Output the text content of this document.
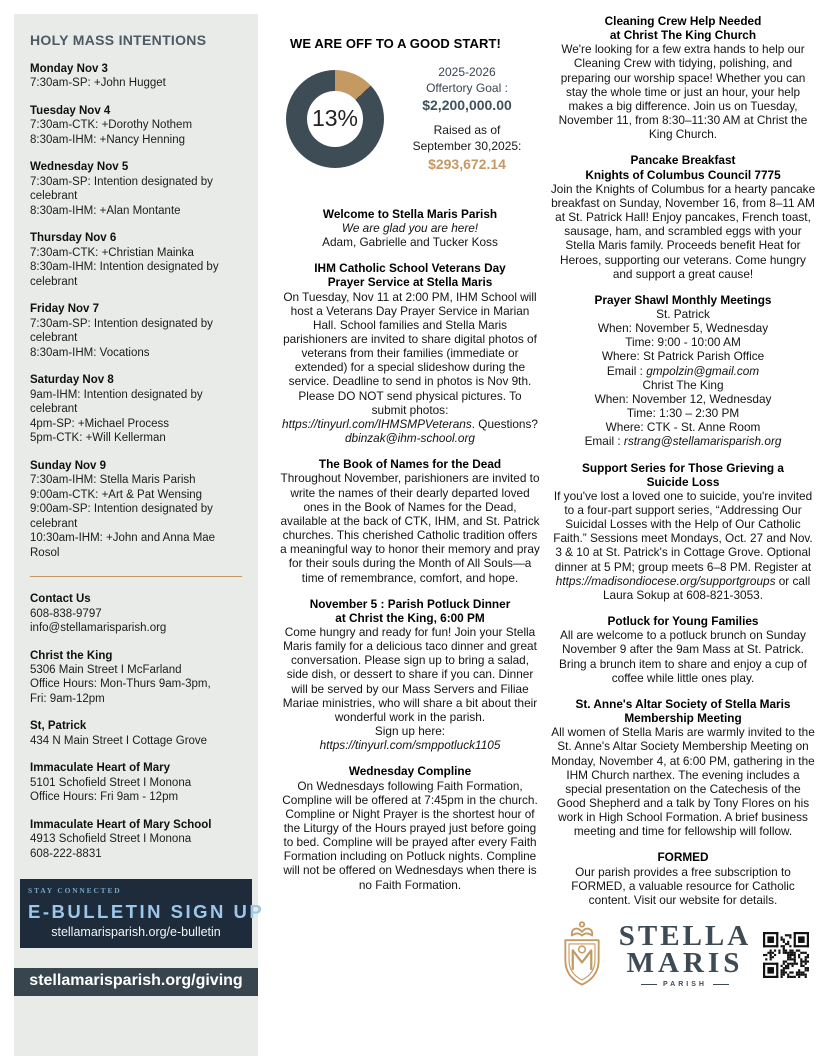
HOLY MASS INTENTIONS
Monday Nov 3
7:30am-SP: +John Hugget
Tuesday Nov 4
7:30am-CTK: +Dorothy Nothem
8:30am-IHM: +Nancy Henning
Wednesday Nov 5
7:30am-SP: Intention designated by celebrant
8:30am-IHM: +Alan Montante
Thursday Nov 6
7:30am-CTK: +Christian Mainka
8:30am-IHM: Intention designated by celebrant
Friday Nov 7
7:30am-SP: Intention designated by celebrant
8:30am-IHM: Vocations
Saturday Nov 8
9am-IHM: Intention designated by celebrant
4pm-SP: +Michael Process
5pm-CTK: +Will Kellerman
Sunday Nov 9
7:30am-IHM: Stella Maris Parish
9:00am-CTK: +Art & Pat Wensing
9:00am-SP: Intention designated by celebrant
10:30am-IHM: +John and Anna Mae Rosol
Contact Us
608-838-9797
info@stellamarisparish.org
Christ the King
5306 Main Street I McFarland
Office Hours: Mon-Thurs 9am-3pm,
Fri: 9am-12pm
St, Patrick
434 N Main Street I Cottage Grove
Immaculate Heart of Mary
5101 Schofield Street I Monona
Office Hours: Fri 9am - 12pm
Immaculate Heart of Mary School
4913 Schofield Street I Monona
608-222-8831
STAY CONNECTED
E-BULLETIN SIGN UP
stellamarisparish.org/e-bulletin
stellamarisparish.org/giving
WE ARE OFF TO A GOOD START!
13%
2025-2026
Offertory Goal :
$2,200,000.00
Raised as of
September 30,2025:
$293,672.14
Welcome to Stella Maris Parish
We are glad you are here!
Adam, Gabrielle and Tucker Koss
IHM Catholic School Veterans Day
Prayer Service at Stella Maris
On Tuesday, Nov 11 at 2:00 PM, IHM School will host a Veterans Day Prayer Service in Marian Hall. School families and Stella Maris parishioners are invited to share digital photos of veterans from their families (immediate or extended) for a special slideshow during the service. Deadline to send in photos is Nov 9th. Please DO NOT send physical pictures. To submit photos: https://tinyurl.com/IHMSMPVeterans. Questions? dbinzak@ihm-school.org
The Book of Names for the Dead
Throughout November, parishioners are invited to write the names of their dearly departed loved ones in the Book of Names for the Dead, available at the back of CTK, IHM, and St. Patrick churches. This cherished Catholic tradition offers a meaningful way to honor their memory and pray for their souls during the Month of All Souls—a time of remembrance, comfort, and hope.
November 5 : Parish Potluck Dinner
at Christ the King, 6:00 PM
Come hungry and ready for fun! Join your Stella Maris family for a delicious taco dinner and great conversation. Please sign up to bring a salad, side dish, or dessert to share if you can. Dinner will be served by our Mass Servers and Filiae Mariae ministries, who will share a bit about their wonderful work in the parish.
Sign up here:
https://tinyurl.com/smppotluck1105
Wednesday Compline
On Wednesdays following Faith Formation, Compline will be offered at 7:45pm in the church. Compline or Night Prayer is the shortest hour of the Liturgy of the Hours prayed just before going to bed. Compline will be prayed after every Faith Formation including on Potluck nights. Compline will not be offered on Wednesdays when there is no Faith Formation.
Cleaning Crew Help Needed
at Christ The King Church
We're looking for a few extra hands to help our Cleaning Crew with tidying, polishing, and preparing our worship space! Whether you can stay the whole time or just an hour, your help makes a big difference. Join us on Tuesday, November 11, from 8:30–11:30 AM at Christ the King Church.
Pancake Breakfast
Knights of Columbus Council 7775
Join the Knights of Columbus for a hearty pancake breakfast on Sunday, November 16, from 8–11 AM at St. Patrick Hall! Enjoy pancakes, French toast, sausage, ham, and scrambled eggs with your Stella Maris family. Proceeds benefit Heat for Heroes, supporting our veterans. Come hungry and support a great cause!
Prayer Shawl Monthly Meetings
St. Patrick
When: November 5, Wednesday
Time: 9:00 - 10:00 AM
Where: St Patrick Parish Office
Email : gmpolzin@gmail.com
Christ The King
When: November 12, Wednesday
Time: 1:30 – 2:30 PM
Where: CTK - St. Anne Room
Email : rstrang@stellamarisparish.org
Support Series for Those Grieving a
Suicide Loss
If you've lost a loved one to suicide, you're invited to a four-part support series, “Addressing Our Suicidal Losses with the Help of Our Catholic Faith.” Sessions meet Mondays, Oct. 27 and Nov. 3 & 10 at St. Patrick's in Cottage Grove. Optional dinner at 5 PM; group meets 6–8 PM. Register at https://madisondiocese.org/supportgroups or call Laura Sokup at 608-821-3053.
Potluck for Young Families
All are welcome to a potluck brunch on Sunday November 9 after the 9am Mass at St. Patrick. Bring a brunch item to share and enjoy a cup of coffee while little ones play.
St. Anne's Altar Society of Stella Maris
Membership Meeting
All women of Stella Maris are warmly invited to the St. Anne's Altar Society Membership Meeting on Monday, November 4, at 6:00 PM, gathering in the IHM Church narthex. The evening includes a special presentation on the Catechesis of the Good Shepherd and a talk by Tony Flores on his work in High School Formation. A brief business meeting and time for fellowship will follow.
FORMED
Our parish provides a free subscription to FORMED, a valuable resource for Catholic content. Visit our website for details.
STELLA
MARIS
PARISH
